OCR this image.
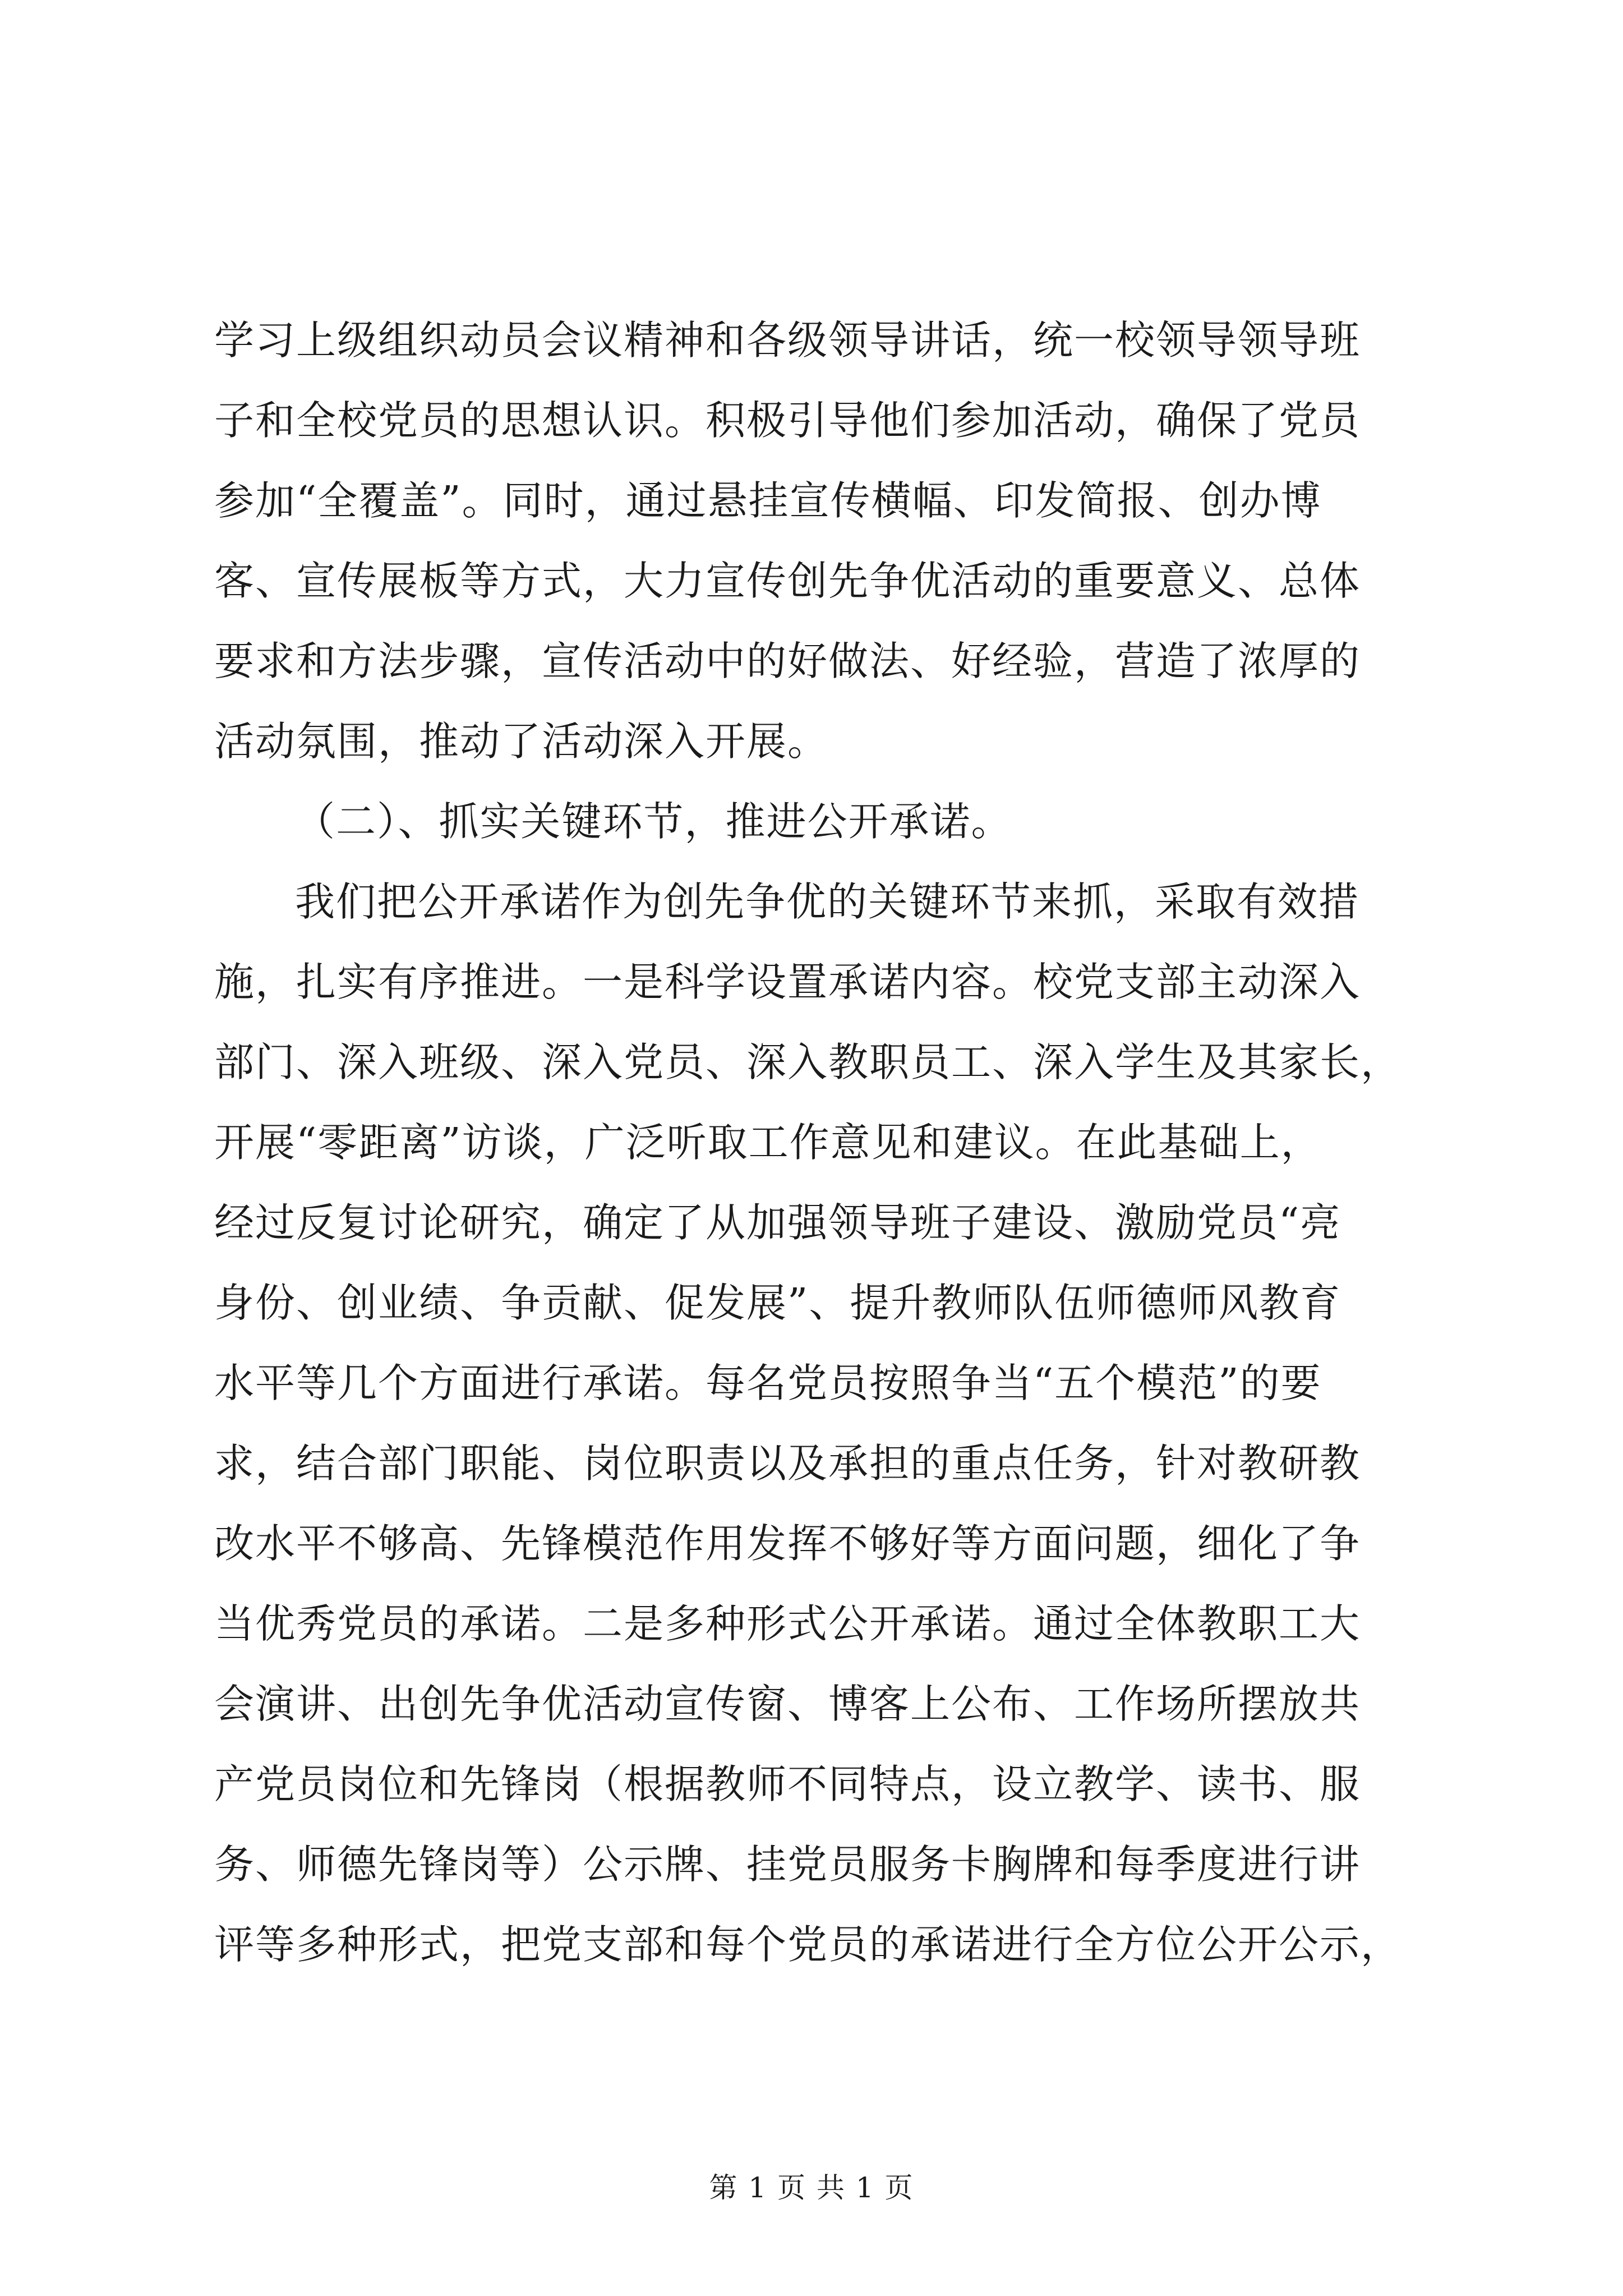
学习上级组织动员会议精神和各级领导讲话，统一校领导领导班
子和全校党员的思想认识。积极引导他们参加活动，确保了党员
参加“全覆盖”。同时，通过悬挂宣传横幅、印发简报、创办博
客、宣传展板等方式，大力宣传创先争优活动的重要意义、总体
要求和方法步骤，宣传活动中的好做法、好经验，营造了浓厚的
活动氛围，推动了活动深入开展。
（二）、抓实关键环节，推进公开承诺。
我们把公开承诺作为创先争优的关键环节来抓，采取有效措
施，扎实有序推进。一是科学设置承诺内容。校党支部主动深入
部门、深入班级、深入党员、深入教职员工、深入学生及其家长，
开展“零距离”访谈，广泛听取工作意见和建议。在此基础上，
经过反复讨论研究，确定了从加强领导班子建设、激励党员“亮
身份、创业绩、争贡献、促发展”、提升教师队伍师德师风教育
水平等几个方面进行承诺。每名党员按照争当“五个模范”的要
求，结合部门职能、岗位职责以及承担的重点任务，针对教研教
改水平不够高、先锋模范作用发挥不够好等方面问题，细化了争
当优秀党员的承诺。二是多种形式公开承诺。通过全体教职工大
会演讲、出创先争优活动宣传窗、博客上公布、工作场所摆放共
产党员岗位和先锋岗（根据教师不同特点，设立教学、读书、服
务、师德先锋岗等）公示牌、挂党员服务卡胸牌和每季度进行讲
评等多种形式，把党支部和每个党员的承诺进行全方位公开公示，
第 1 页 共 1 页
